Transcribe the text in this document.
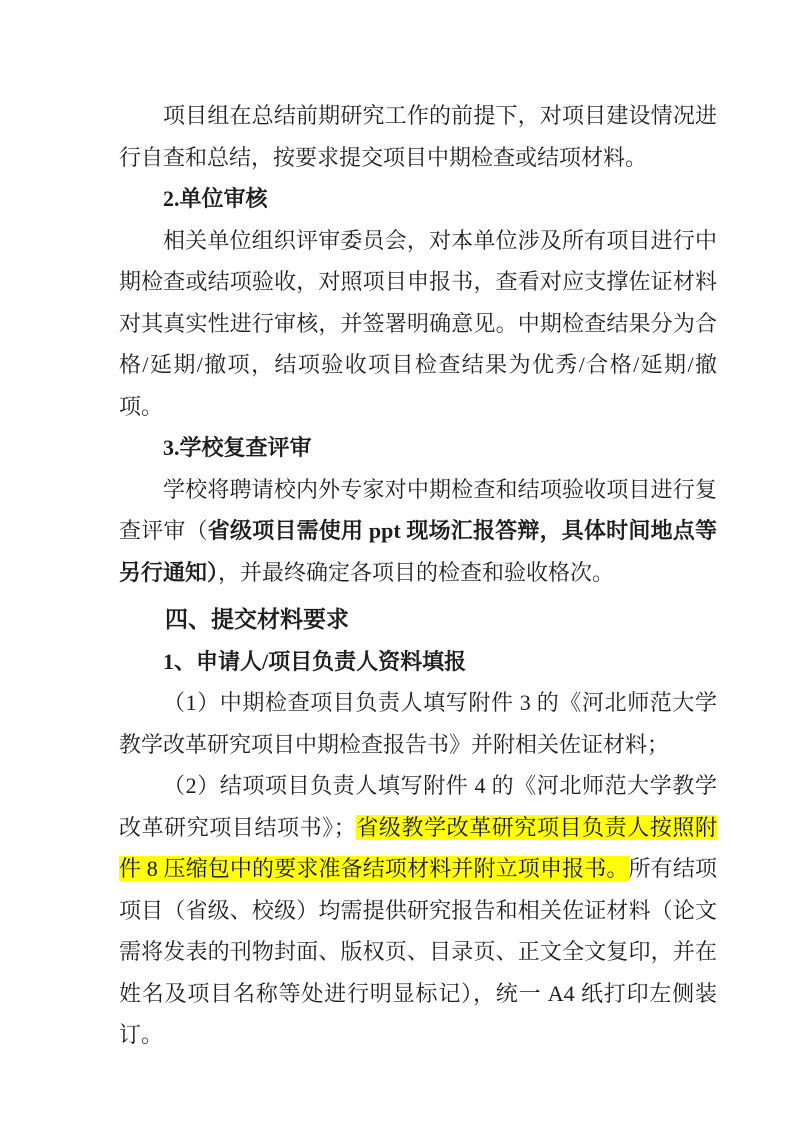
项目组在总结前期研究工作的前提下，对项目建设情况进行自查和总结，按要求提交项目中期检查或结项材料。

2.单位审核

相关单位组织评审委员会，对本单位涉及所有项目进行中期检查或结项验收，对照项目申报书，查看对应支撑佐证材料对其真实性进行审核，并签署明确意见。中期检查结果分为合格/延期/撤项，结项验收项目检查结果为优秀/合格/延期/撤项。

3.学校复查评审

学校将聘请校内外专家对中期检查和结项验收项目进行复查评审（省级项目需使用 ppt 现场汇报答辩，具体时间地点等另行通知），并最终确定各项目的检查和验收格次。

四、提交材料要求

1、申请人/项目负责人资料填报

（1）中期检查项目负责人填写附件 3 的《河北师范大学教学改革研究项目中期检查报告书》并附相关佐证材料；

（2）结项项目负责人填写附件 4 的《河北师范大学教学改革研究项目结项书》；省级教学改革研究项目负责人按照附件 8 压缩包中的要求准备结项材料并附立项申报书。所有结项项目（省级、校级）均需提供研究报告和相关佐证材料（论文需将发表的刊物封面、版权页、目录页、正文全文复印，并在姓名及项目名称等处进行明显标记），统一 A4 纸打印左侧装订。
